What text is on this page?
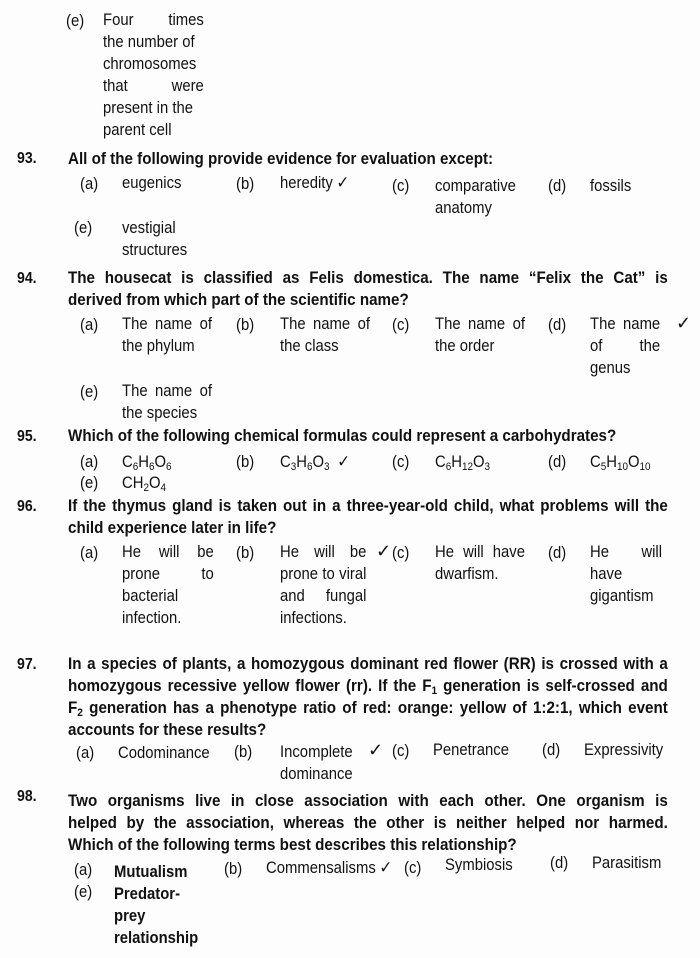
(e) Four times
the number of
chromosomes
that were
present in the
parent cell
93. All of the following provide evidence for evaluation except:
(a) eugenics	(b) heredity ✓	(c) comparative anatomy
(d) fossils
(e) vestigial structures
94. The housecat is classified as Felis domestica. The name “Felix the Cat” is
derived from which part of the scientific name?
(a) The name of the phylum
(b) The name of the class
(c) The name of the order
(d) The name of the genus
✓
(e) The name of the species
95. Which of the following chemical formulas could represent a carbohydrates?
(a) $C_6H_6O_6$	(b) $C_3H_6O_3$ ✓	(c) $C_6H_{12}O_3$	(d) $C_5H_{10}O_{10}$
(e) $CH_2O_4$
96. If the thymus gland is taken out in a three-year-old child, what problems will the
child experience later in life?
(a) He will be prone to bacterial infection.
(b) He will be prone to viral and fungal infections.
✓ (c) He will have dwarfism.
(d) He will have gigantism
97. In a species of plants, a homozygous dominant red flower (RR) is crossed with a
homozygous recessive yellow flower (rr). If the $F_1$ generation is self-crossed and
$F_2$ generation has a phenotype ratio of red: orange: yellow of 1:2:1, which event
accounts for these results?
(a) Codominance (b) Incomplete dominance
✓ (c) Penetrance (d) Expressivity
98. Two organisms live in close association with each other. One organism is
helped by the association, whereas the other is neither helped nor harmed.
Which of the following terms best describes this relationship?
(a) Mutualism (b) Commensalisms ✓ (c) Symbiosis (d) Parasitism
(e) Predator-prey relationship
